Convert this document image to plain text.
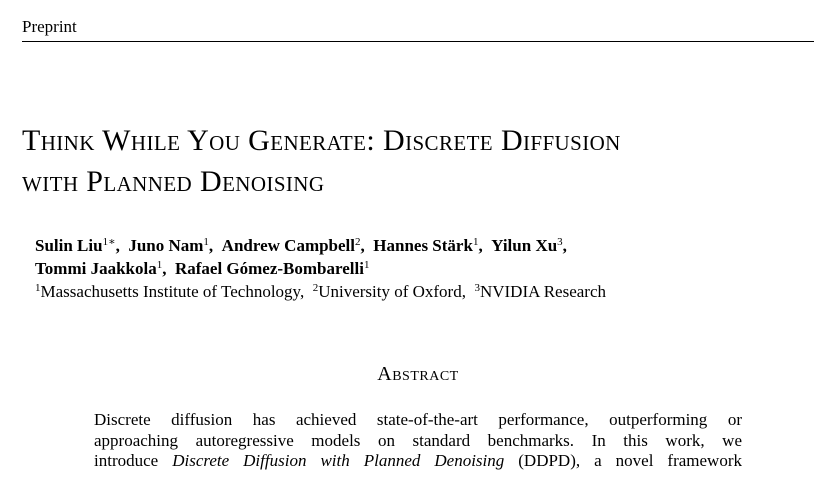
Preprint
Think While You Generate: Discrete Diffusion
with Planned Denoising
Sulin Liu$^{1∗}$ ,  Juno Nam$^1$ ,  Andrew Campbell$^2$ ,  Hannes Stärk$^1$ ,  Yilun Xu$^3$ ,
Tommi Jaakkola$^1$ ,  Rafael Gómez-Bombarelli$^1$
$^1$Massachusetts Institute of Technology ,  $^2$University of Oxford ,  $^3$NVIDIA Research
Abstract
Discrete diffusion has achieved state-of-the-art performance, outperforming or
approaching autoregressive models on standard benchmarks. In this work, we
introduce Discrete Diffusion with Planned Denoising (DDPD), a novel framework
